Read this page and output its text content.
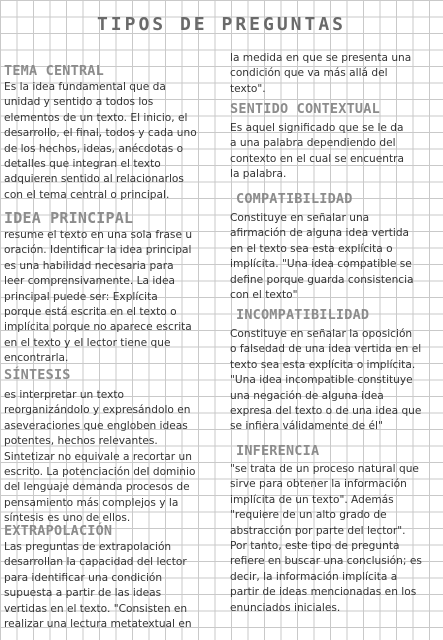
TIPOS DE PREGUNTAS
TEMA CENTRAL

Es la idea fundamental que da
unidad y sentido a todos los
elementos de un texto. El inicio, el
desarrollo, el final, todos y cada uno
de los hechos, ideas, anécdotas o
detalles que integran el texto
adquieren sentido al relacionarlos
con el tema central o principal.

IDEA PRINCIPAL

resume el texto en una sola frase u
oración. Identificar la idea principal
es una habilidad necesaria para
leer comprensivamente. La idea
principal puede ser: Explícita
porque está escrita en el texto o
implícita porque no aparece escrita
en el texto y el lector tiene que
encontrarla.

SÍNTESIS

es interpretar un texto
reorganizándolo y expresándolo en
aseveraciones que engloben ideas
potentes, hechos relevantes.
Sintetizar no equivale a recortar un
escrito. La potenciación del dominio
del lenguaje demanda procesos de
pensamiento más complejos y la
síntesis es uno de ellos.

EXTRAPOLACIÓN

Las preguntas de extrapolación
desarrollan la capacidad del lector
para identificar una condición
supuesta a partir de las ideas
vertidas en el texto. "Consisten en
realizar una lectura metatextual en

la medida en que se presenta una
condición que va más allá del
texto".

SENTIDO CONTEXTUAL

Es aquel significado que se le da
a una palabra dependiendo del
contexto en el cual se encuentra
la palabra.

COMPATIBILIDAD

Constituye en señalar una
afirmación de alguna idea vertida
en el texto sea esta explícita o
implícita. "Una idea compatible se
define porque guarda consistencia
con el texto"

INCOMPATIBILIDAD

Constituye en señalar la oposición
o falsedad de una idea vertida en el
texto sea esta explícita o implícita.
"Una idea incompatible constituye
una negación de alguna idea
expresa del texto o de una idea que
se infiera válidamente de él"

INFERENCIA

"se trata de un proceso natural que
sirve para obtener la información
implícita de un texto". Además
"requiere de un alto grado de
abstracción por parte del lector".
Por tanto, este tipo de pregunta
refiere en buscar una conclusión; es
decir, la información implícita a
partir de ideas mencionadas en los
enunciados iniciales.
